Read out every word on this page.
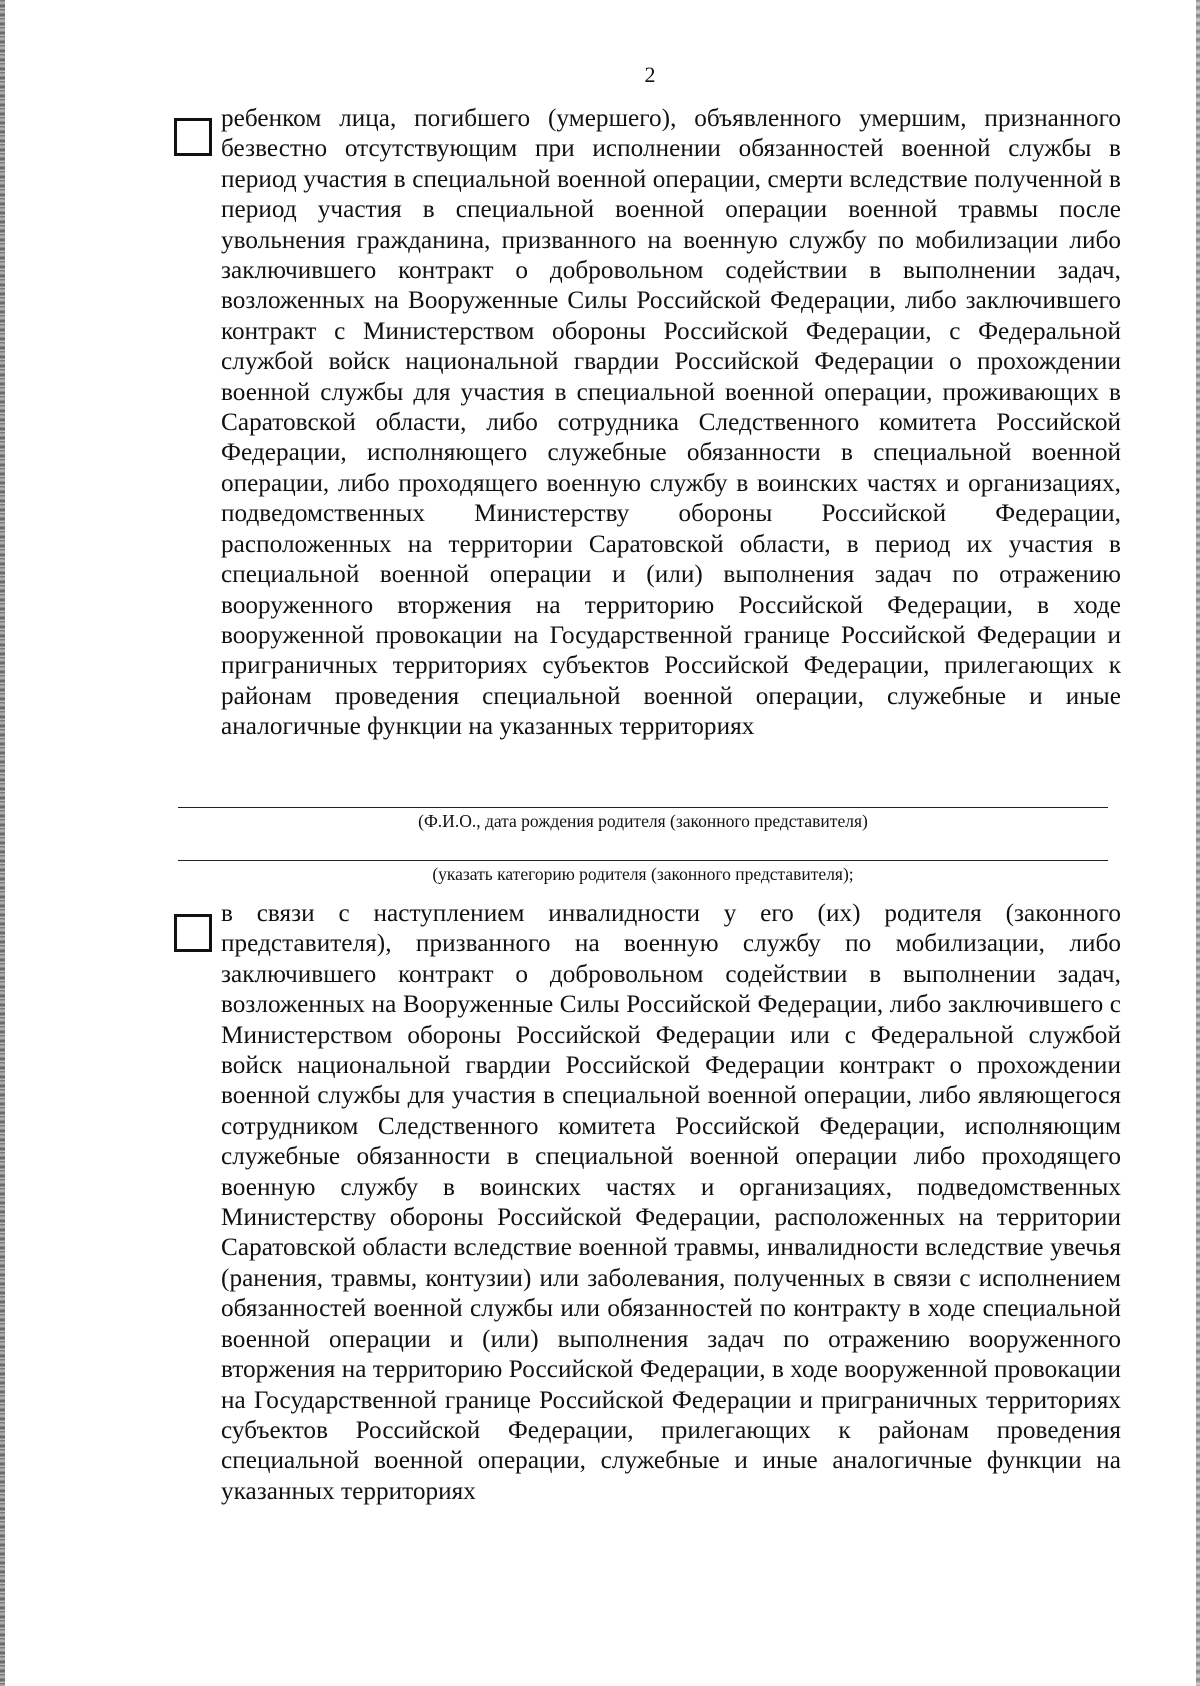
2

ребенком лица, погибшего (умершего), объявленного умершим, признанного безвестно отсутствующим при исполнении обязанностей военной службы в период участия в специальной военной операции, смерти вследствие полученной в период участия в специальной военной операции военной травмы после увольнения гражданина, призванного на военную службу по мобилизации либо заключившего контракт о добровольном содействии в выполнении задач, возложенных на Вооруженные Силы Российской Федерации, либо заключившего контракт с Министерством обороны Российской Федерации, с Федеральной службой войск национальной гвардии Российской Федерации о прохождении военной службы для участия в специальной военной операции, проживающих в Саратовской области, либо сотрудника Следственного комитета Российской Федерации, исполняющего служебные обязанности в специальной военной операции, либо проходящего военную службу в воинских частях и организациях, подведомственных Министерству обороны Российской Федерации, расположенных на территории Саратовской области, в период их участия в специальной военной операции и (или) выполнения задач по отражению вооруженного вторжения на территорию Российской Федерации, в ходе вооруженной провокации на Государственной границе Российской Федерации и приграничных территориях субъектов Российской Федерации, прилегающих к районам проведения специальной военной операции, служебные и иные аналогичные функции на указанных территориях

(Ф.И.О., дата рождения родителя (законного представителя)
(указать категорию родителя (законного представителя);

в связи с наступлением инвалидности у его (их) родителя (законного представителя), призванного на военную службу по мобилизации, либо заключившего контракт о добровольном содействии в выполнении задач, возложенных на Вооруженные Силы Российской Федерации, либо заключившего с Министерством обороны Российской Федерации или с Федеральной службой войск национальной гвардии Российской Федерации контракт о прохождении военной службы для участия в специальной военной операции, либо являющегося сотрудником Следственного комитета Российской Федерации, исполняющим служебные обязанности в специальной военной операции либо проходящего военную службу в воинских частях и организациях, подведомственных Министерству обороны Российской Федерации, расположенных на территории Саратовской области вследствие военной травмы, инвалидности вследствие увечья (ранения, травмы, контузии) или заболевания, полученных в связи с исполнением обязанностей военной службы или обязанностей по контракту в ходе специальной военной операции и (или) выполнения задач по отражению вооруженного вторжения на территорию Российской Федерации, в ходе вооруженной провокации на Государственной границе Российской Федерации и приграничных территориях субъектов Российской Федерации, прилегающих к районам проведения специальной военной операции, служебные и иные аналогичные функции на указанных территориях
